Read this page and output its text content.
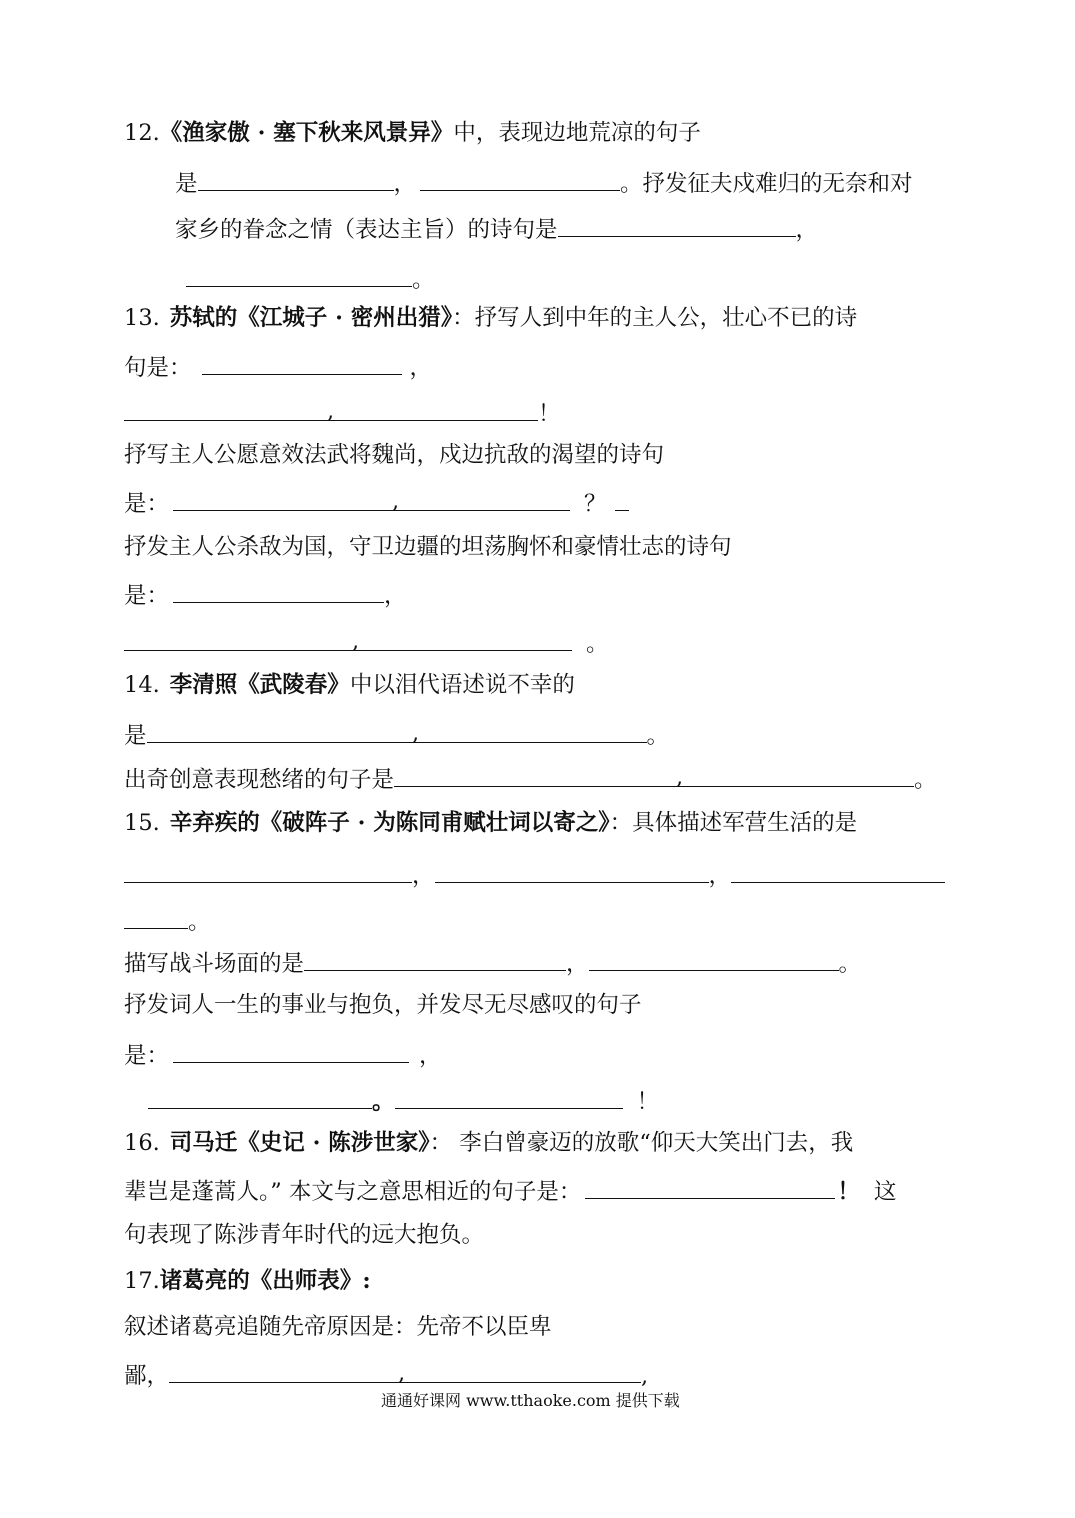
12.《渔家傲 · 塞下秋来风景异》中，表现边地荒凉的句子
是	，	。抒发征夫戍难归的无奈和对
家乡的眷念之情（表达主旨）的诗句是	，
。
13. 苏轼的《江城子 · 密州出猎》：抒写人到中年的主人公，壮心不已的诗
句是：	，
！
,
抒写主人公愿意效法武将魏尚，戍边抗敌的渴望的诗句
是：	？
,
抒发主人公杀敌为国，守卫边疆的坦荡胸怀和豪情壮志的诗句
是：	，
。
,
14. 李清照《武陵春》中以泪代语述说不幸的
是	。
,
出奇创意表现愁绪的句子是	。
,
15. 辛弃疾的《破阵子 · 为陈同甫赋壮词以寄之》：具体描述军营生活的是
，	，
。
描写战斗场面的是	，	。
抒发词人一生的事业与抱负，并发尽无尽感叹的句子
是：	，
。	！
16. 司马迁《史记 · 陈涉世家》： 李白曾豪迈的放歌“仰天大笑出门去，我
辈岂是蓬蒿人。” 本文与之意思相近的句子是：	！ 这
句表现了陈涉青年时代的远大抱负。
17.诸葛亮的《出师表》:
叙述诸葛亮追随先帝原因是：先帝不以臣卑
鄙，	,
,
通通好课网 www.tthaoke.com 提供下载
